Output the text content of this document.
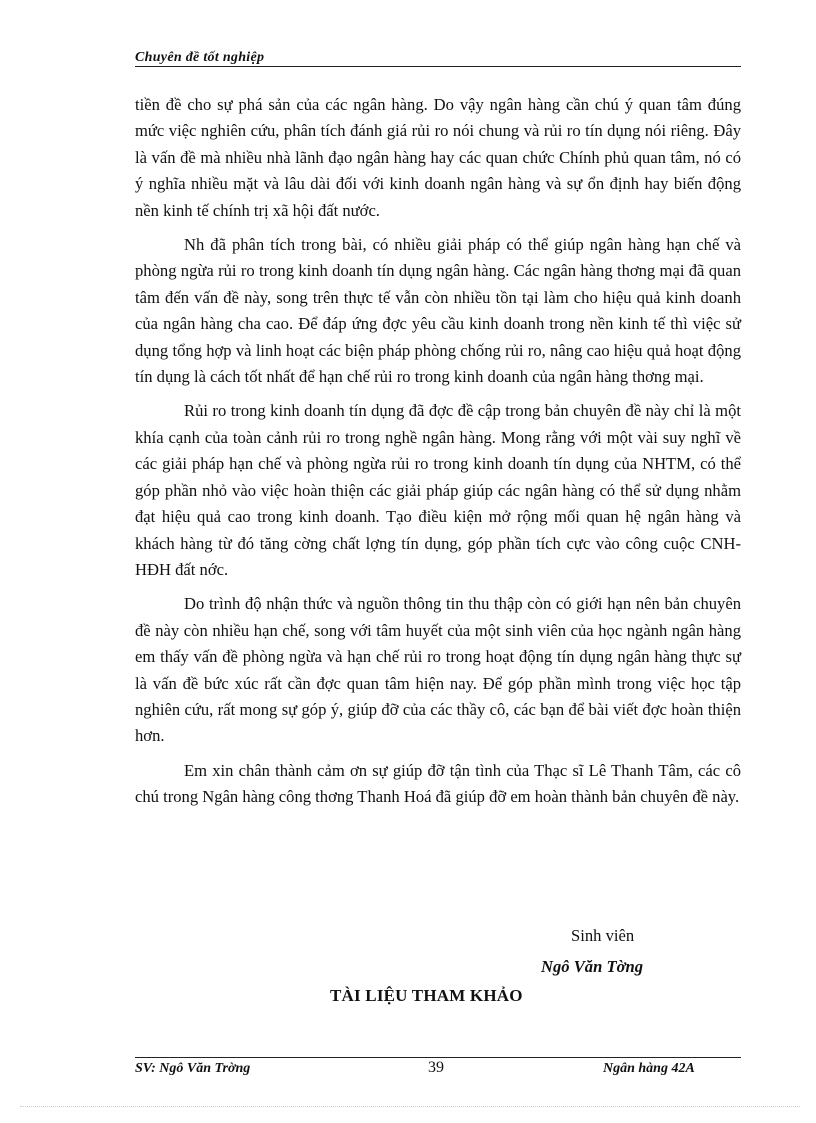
Chuyên đề tốt nghiệp

tiền đề cho sự phá sản của các ngân hàng. Do vậy ngân hàng cần chú ý quan tâm đúng mức việc nghiên cứu, phân tích đánh giá rủi ro nói chung và rủi ro tín dụng nói riêng. Đây là vấn đề mà nhiều nhà lãnh đạo ngân hàng hay các quan chức Chính phủ quan tâm, nó có ý nghĩa nhiều mặt và lâu dài đối với kinh doanh ngân hàng và sự ổn định hay biến động nền kinh tế chính trị xã hội đất nước.

Nh đã phân tích trong bài, có nhiều giải pháp có thể giúp ngân hàng hạn chế và phòng ngừa rủi ro trong kinh doanh tín dụng ngân hàng. Các ngân hàng thơng mại đã quan tâm đến vấn đề này, song trên thực tế vẫn còn nhiều tồn tại làm cho hiệu quả kinh doanh của ngân hàng cha cao. Để đáp ứng đợc yêu cầu kinh doanh trong nền kinh tế thì việc sử dụng tổng hợp và linh hoạt các biện pháp phòng chống rủi ro, nâng cao hiệu quả hoạt động tín dụng là cách tốt nhất để hạn chế rủi ro trong kinh doanh của ngân hàng thơng mại.

Rủi ro trong kinh doanh tín dụng đã đợc đề cập trong bản chuyên đề này chỉ là một khía cạnh của toàn cảnh rủi ro trong nghề ngân hàng. Mong rằng với một vài suy nghĩ về các giải pháp hạn chế và phòng ngừa rủi ro trong kinh doanh tín dụng của NHTM, có thể góp phần nhỏ vào việc hoàn thiện các giải pháp giúp các ngân hàng có thể sử dụng nhằm đạt hiệu quả cao trong kinh doanh. Tạo điều kiện mở rộng mối quan hệ ngân hàng và khách hàng từ đó tăng cờng chất lợng tín dụng, góp phần tích cực vào công cuộc CNH- HĐH đất nớc.

Do trình độ nhận thức và nguồn thông tin thu thập còn có giới hạn nên bản chuyên đề này còn nhiều hạn chế, song với tâm huyết của một sinh viên của học ngành ngân hàng em thấy vấn đề phòng ngừa và hạn chế rủi ro trong hoạt động tín dụng ngân hàng thực sự là vấn đề bức xúc rất cần đợc quan tâm hiện nay. Để góp phần mình trong việc học tập nghiên cứu, rất mong sự góp ý, giúp đỡ của các thầy cô, các bạn để bài viết đợc hoàn thiện hơn.

Em xin chân thành cảm ơn sự giúp đỡ tận tình của Thạc sĩ Lê Thanh Tâm, các cô chú trong Ngân hàng công thơng Thanh Hoá đã giúp đỡ em hoàn thành bản chuyên đề này.

Sinh viên
Ngô Văn Tờng
TÀI LIỆU THAM KHẢO
SV: Ngô Văn Trờng	39	Ngân hàng 42A
